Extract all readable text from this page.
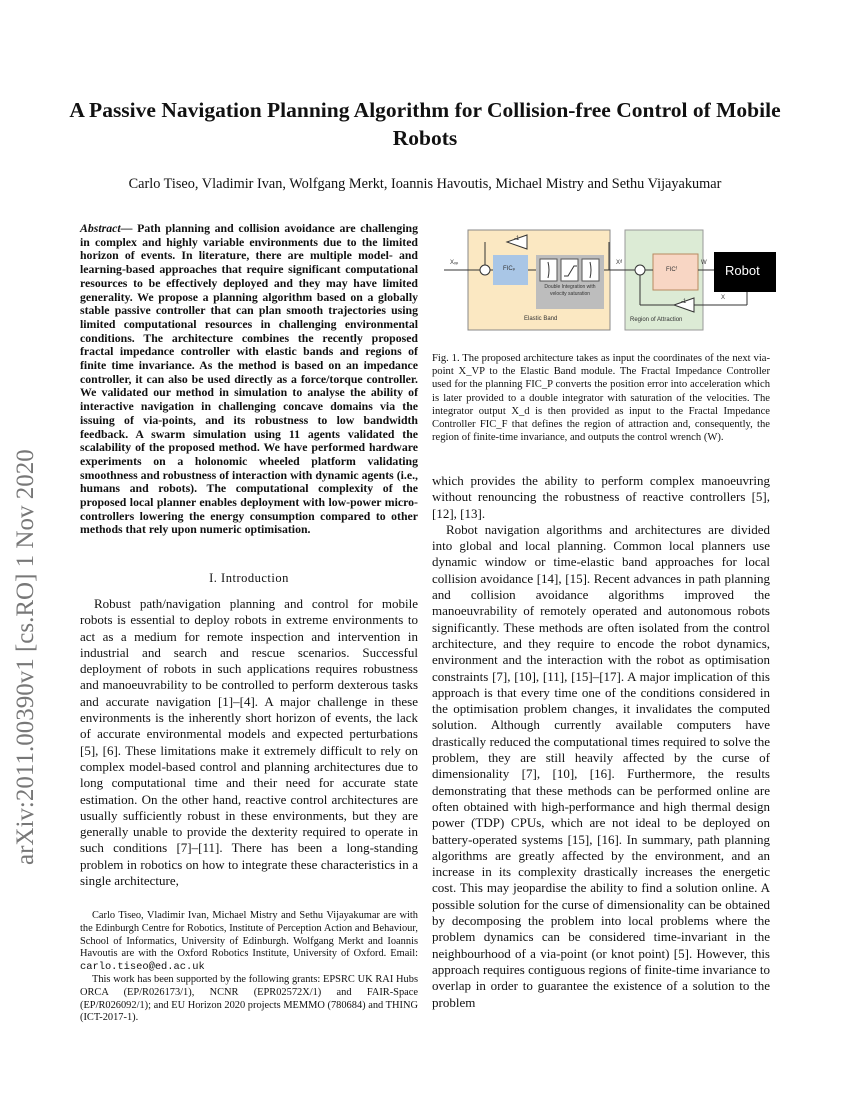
A Passive Navigation Planning Algorithm for Collision-free Control of Mobile Robots
Carlo Tiseo, Vladimir Ivan, Wolfgang Merkt, Ioannis Havoutis, Michael Mistry and Sethu Vijayakumar
arXiv:2011.00390v1 [cs.RO] 1 Nov 2020
Abstract— Path planning and collision avoidance are challenging in complex and highly variable environments due to the limited horizon of events. In literature, there are multiple model- and learning-based approaches that require significant computational resources to be effectively deployed and they may have limited generality. We propose a planning algorithm based on a globally stable passive controller that can plan smooth trajectories using limited computational resources in challenging environmental conditions. The architecture combines the recently proposed fractal impedance controller with elastic bands and regions of finite time invariance. As the method is based on an impedance controller, it can also be used directly as a force/torque controller. We validated our method in simulation to analyse the ability of interactive navigation in challenging concave domains via the issuing of via-points, and its robustness to low bandwidth feedback. A swarm simulation using 11 agents validated the scalability of the proposed method. We have performed hardware experiments on a holonomic wheeled platform validating smoothness and robustness of interaction with dynamic agents (i.e., humans and robots). The computational complexity of the proposed local planner enables deployment with low-power micro-controllers lowering the energy consumption compared to other methods that rely upon numeric optimisation.
I. Introduction

Robust path/navigation planning and control for mobile robots is essential to deploy robots in extreme environments to act as a medium for remote inspection and intervention in industrial and search and rescue scenarios. Successful deployment of robots in such applications requires robustness and manoeuvrability to be controlled to perform dexterous tasks and accurate navigation [1]–[4]. A major challenge in these environments is the inherently short horizon of events, the lack of accurate environmental models and expected perturbations [5], [6]. These limitations make it extremely difficult to rely on complex model-based control and planning architectures due to long computational time and their need for accurate state estimation. On the other hand, reactive control architectures are usually sufficiently robust in these environments, but they are generally unable to provide the dexterity required to operate in such conditions [7]–[11]. There has been a long-standing problem in robotics on how to integrate these characteristics in a single architecture,

Carlo Tiseo, Vladimir Ivan, Michael Mistry and Sethu Vijayakumar are with the Edinburgh Centre for Robotics, Institute of Perception Action and Behaviour, School of Informatics, University of Edinburgh. Wolfgang Merkt and Ioannis Havoutis are with the Oxford Robotics Institute, University of Oxford. Email: carlo.tiseo@ed.ac.uk

This work has been supported by the following grants: EPSRC UK RAI Hubs ORCA (EP/R026173/1), NCNR (EPR02572X/1) and FAIR-Space (EP/R026092/1); and EU Horizon 2020 projects MEMMO (780684) and THING (ICT-2017-1).

Xᵥₚ
FICₚ
Double Integration with velocity saturation
Elastic Band
-1
-1
Xᵈ
FICᶠ
W Robot
X
Region of Attraction
Fig. 1. The proposed architecture takes as input the coordinates of the next via-point X_VP to the Elastic Band module. The Fractal Impedance Controller used for the planning FIC_P converts the position error into acceleration which is later provided to a double integrator with saturation of the velocities. The integrator output X_d is then provided as input to the Fractal Impedance Controller FIC_F that defines the region of attraction and, consequently, the region of finite-time invariance, and outputs the control wrench (W).

which provides the ability to perform complex manoeuvring without renouncing the robustness of reactive controllers [5], [12], [13].

Robot navigation algorithms and architectures are divided into global and local planning. Common local planners use dynamic window or time-elastic band approaches for local collision avoidance [14], [15]. Recent advances in path planning and collision avoidance algorithms improved the manoeuvrability of remotely operated and autonomous robots significantly. These methods are often isolated from the control architecture, and they require to encode the robot dynamics, environment and the interaction with the robot as optimisation constraints [7], [10], [11], [15]–[17]. A major implication of this approach is that every time one of the conditions considered in the optimisation problem changes, it invalidates the computed solution. Although currently available computers have drastically reduced the computational times required to solve the problem, they are still heavily affected by the curse of dimensionality [7], [10], [16]. Furthermore, the results demonstrating that these methods can be performed online are often obtained with high-performance and high thermal design power (TDP) CPUs, which are not ideal to be deployed on battery-operated systems [15], [16]. In summary, path planning algorithms are greatly affected by the environment, and an increase in its complexity drastically increases the energetic cost. This may jeopardise the ability to find a solution online. A possible solution for the curse of dimensionality can be obtained by decomposing the problem into local problems where the problem dynamics can be considered time-invariant in the neighbourhood of a via-point (or knot point) [5]. However, this approach requires contiguous regions of finite-time invariance to overlap in order to guarantee the existence of a solution to the problem
